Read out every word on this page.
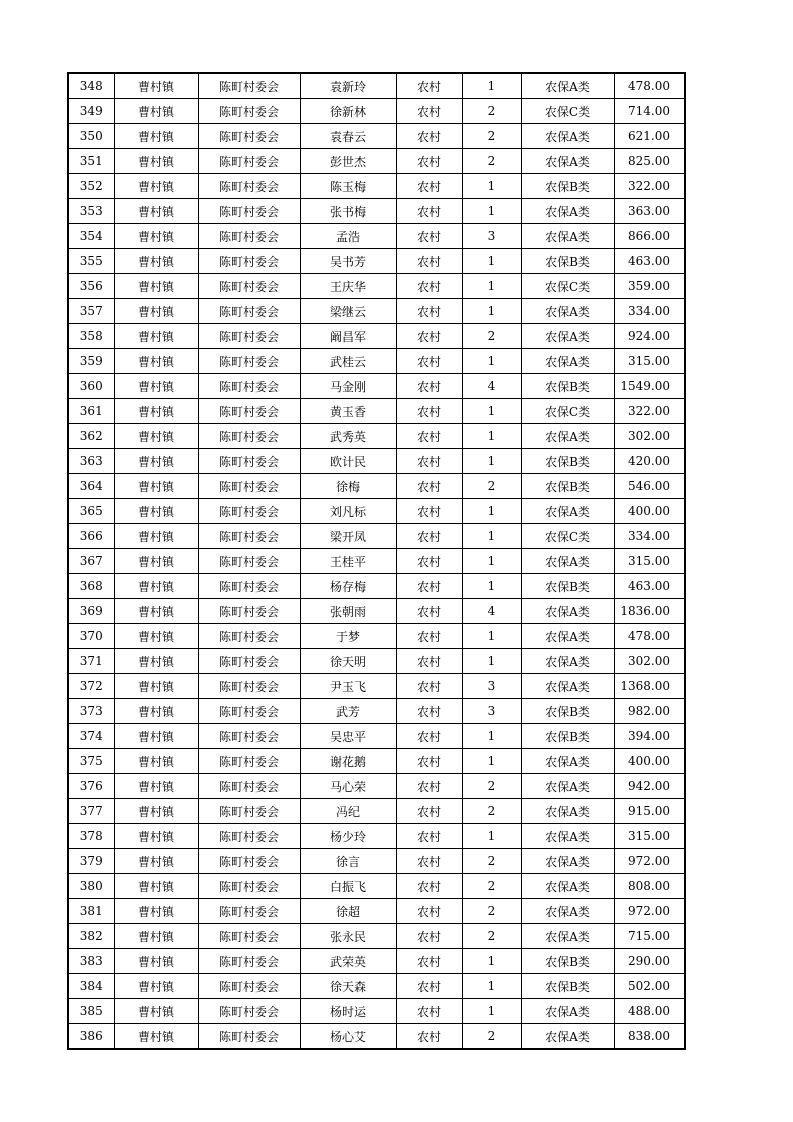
348	曹村镇	陈町村委会	袁新玲	农村	1	农保A类	478.00
349	曹村镇	陈町村委会	徐新林	农村	2	农保C类	714.00
350	曹村镇	陈町村委会	袁春云	农村	2	农保A类	621.00
351	曹村镇	陈町村委会	彭世杰	农村	2	农保A类	825.00
352	曹村镇	陈町村委会	陈玉梅	农村	1	农保B类	322.00
353	曹村镇	陈町村委会	张书梅	农村	1	农保A类	363.00
354	曹村镇	陈町村委会	孟浩	农村	3	农保A类	866.00
355	曹村镇	陈町村委会	吴书芳	农村	1	农保B类	463.00
356	曹村镇	陈町村委会	王庆华	农村	1	农保C类	359.00
357	曹村镇	陈町村委会	梁继云	农村	1	农保A类	334.00
358	曹村镇	陈町村委会	阚昌军	农村	2	农保A类	924.00
359	曹村镇	陈町村委会	武桂云	农村	1	农保A类	315.00
360	曹村镇	陈町村委会	马金刚	农村	4	农保B类	1549.00
361	曹村镇	陈町村委会	黄玉香	农村	1	农保C类	322.00
362	曹村镇	陈町村委会	武秀英	农村	1	农保A类	302.00
363	曹村镇	陈町村委会	欧计民	农村	1	农保B类	420.00
364	曹村镇	陈町村委会	徐梅	农村	2	农保B类	546.00
365	曹村镇	陈町村委会	刘凡标	农村	1	农保A类	400.00
366	曹村镇	陈町村委会	梁开凤	农村	1	农保C类	334.00
367	曹村镇	陈町村委会	王桂平	农村	1	农保A类	315.00
368	曹村镇	陈町村委会	杨存梅	农村	1	农保B类	463.00
369	曹村镇	陈町村委会	张朝雨	农村	4	农保A类	1836.00
370	曹村镇	陈町村委会	于梦	农村	1	农保A类	478.00
371	曹村镇	陈町村委会	徐天明	农村	1	农保A类	302.00
372	曹村镇	陈町村委会	尹玉飞	农村	3	农保A类	1368.00
373	曹村镇	陈町村委会	武芳	农村	3	农保B类	982.00
374	曹村镇	陈町村委会	吴忠平	农村	1	农保B类	394.00
375	曹村镇	陈町村委会	谢花鹅	农村	1	农保A类	400.00
376	曹村镇	陈町村委会	马心荣	农村	2	农保A类	942.00
377	曹村镇	陈町村委会	冯纪	农村	2	农保A类	915.00
378	曹村镇	陈町村委会	杨少玲	农村	1	农保A类	315.00
379	曹村镇	陈町村委会	徐言	农村	2	农保A类	972.00
380	曹村镇	陈町村委会	白振飞	农村	2	农保A类	808.00
381	曹村镇	陈町村委会	徐超	农村	2	农保A类	972.00
382	曹村镇	陈町村委会	张永民	农村	2	农保A类	715.00
383	曹村镇	陈町村委会	武荣英	农村	1	农保B类	290.00
384	曹村镇	陈町村委会	徐天森	农村	1	农保B类	502.00
385	曹村镇	陈町村委会	杨时运	农村	1	农保A类	488.00
386	曹村镇	陈町村委会	杨心艾	农村	2	农保A类	838.00
